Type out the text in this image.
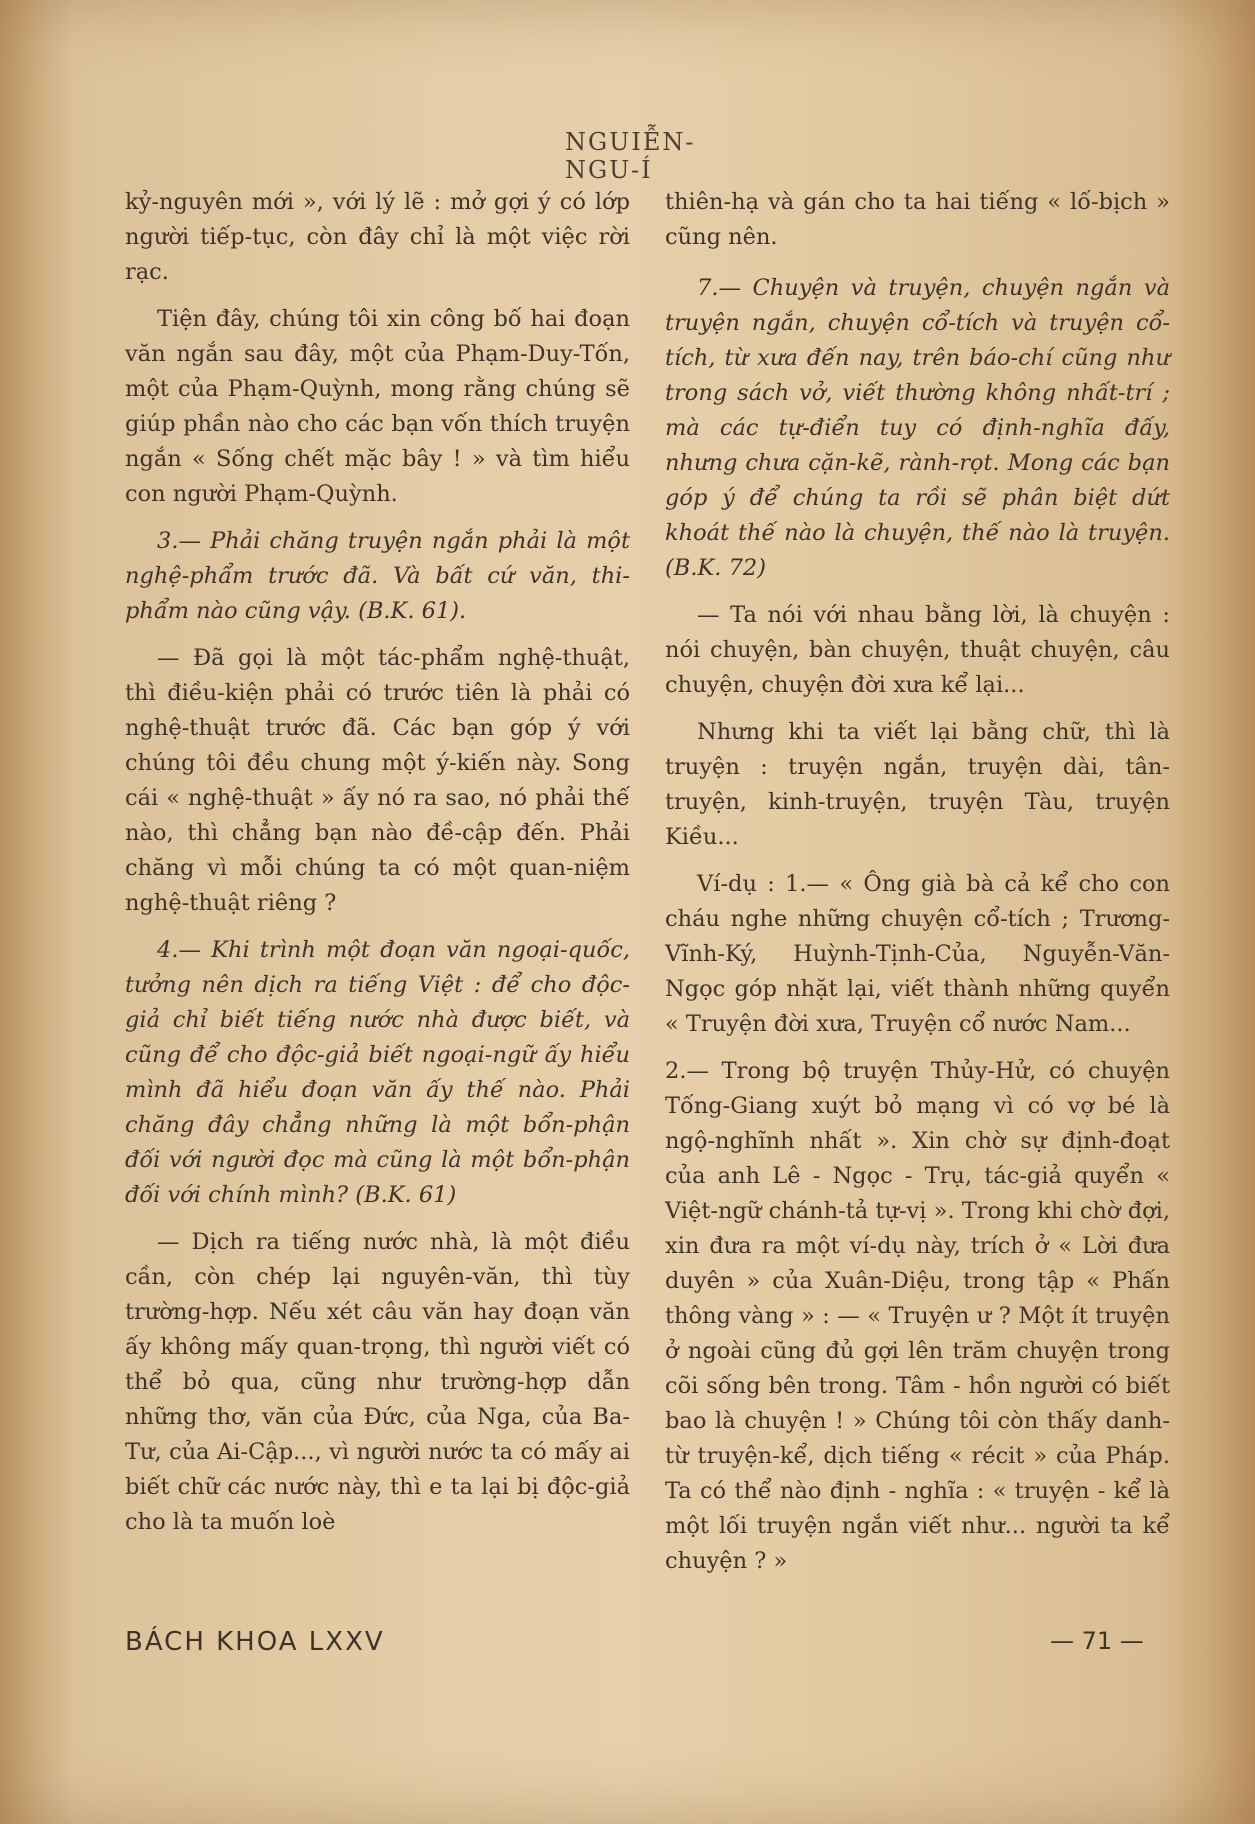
NGUIỄN-NGU-Í

kỷ-nguyên mới », với lý lẽ : mở gợi ý có lớp người tiếp-tục, còn đây chỉ là một việc rời rạc.

Tiện đây, chúng tôi xin công bố hai đoạn văn ngắn sau đây, một của Phạm-Duy-Tốn, một của Phạm-Quỳnh, mong rằng chúng sẽ giúp phần nào cho các bạn vốn thích truyện ngắn « Sống chết mặc bây ! » và tìm hiểu con người Phạm-Quỳnh.

3.— Phải chăng truyện ngắn phải là một nghệ-phẩm trước đã. Và bất cứ văn, thi-phẩm nào cũng vậy. (B.K. 61).

— Đã gọi là một tác-phẩm nghệ-thuật, thì điều-kiện phải có trước tiên là phải có nghệ-thuật trước đã. Các bạn góp ý với chúng tôi đều chung một ý-kiến này. Song cái « nghệ-thuật » ấy nó ra sao, nó phải thế nào, thì chẳng bạn nào đề-cập đến. Phải chăng vì mỗi chúng ta có một quan-niệm nghệ-thuật riêng ?

4.— Khi trình một đoạn văn ngoại-quốc, tưởng nên dịch ra tiếng Việt : để cho độc-giả chỉ biết tiếng nước nhà được biết, và cũng để cho độc-giả biết ngoại-ngữ ấy hiểu mình đã hiểu đoạn văn ấy thế nào. Phải chăng đây chẳng những là một bổn-phận đối với người đọc mà cũng là một bổn-phận đối với chính mình? (B.K. 61)

— Dịch ra tiếng nước nhà, là một điều cần, còn chép lại nguyên-văn, thì tùy trường-hợp. Nếu xét câu văn hay đoạn văn ấy không mấy quan-trọng, thì người viết có thể bỏ qua, cũng như trường-hợp dẫn những thơ, văn của Đức, của Nga, của Ba-Tư, của Ai-Cập..., vì người nước ta có mấy ai biết chữ các nước này, thì e ta lại bị độc-giả cho là ta muốn loè

thiên-hạ và gán cho ta hai tiếng « lố-bịch » cũng nên.

7.— Chuyện và truyện, chuyện ngắn và truyện ngắn, chuyện cổ-tích và truyện cổ-tích, từ xưa đến nay, trên báo-chí cũng như trong sách vở, viết thường không nhất-trí ; mà các tự-điển tuy có định-nghĩa đấy, nhưng chưa cặn-kẽ, rành-rọt. Mong các bạn góp ý để chúng ta rồi sẽ phân biệt dứt khoát thế nào là chuyện, thế nào là truyện. (B.K. 72)

— Ta nói với nhau bằng lời, là chuyện : nói chuyện, bàn chuyện, thuật chuyện, câu chuyện, chuyện đời xưa kể lại...

Nhưng khi ta viết lại bằng chữ, thì là truyện : truyện ngắn, truyện dài, tân-truyện, kinh-truyện, truyện Tàu, truyện Kiều...

Ví-dụ : 1.— « Ông già bà cả kể cho con cháu nghe những chuyện cổ-tích ; Trương-Vĩnh-Ký, Huỳnh-Tịnh-Của, Nguyễn-Văn-Ngọc góp nhặt lại, viết thành những quyển « Truyện đời xưa, Truyện cổ nước Nam...

2.— Trong bộ truyện Thủy-Hử, có chuyện Tống-Giang xuýt bỏ mạng vì có vợ bé là ngộ-nghĩnh nhất ». Xin chờ sự định-đoạt của anh Lê - Ngọc - Trụ, tác-giả quyển « Việt-ngữ chánh-tả tự-vị ». Trong khi chờ đợi, xin đưa ra một ví-dụ này, trích ở « Lời đưa duyên » của Xuân-Diệu, trong tập « Phấn thông vàng » : — « Truyện ư ? Một ít truyện ở ngoài cũng đủ gợi lên trăm chuyện trong cõi sống bên trong. Tâm - hồn người có biết bao là chuyện ! » Chúng tôi còn thấy danh-từ truyện-kể, dịch tiếng « récit » của Pháp. Ta có thể nào định - nghĩa : « truyện - kể là một lối truyện ngắn viết như... người ta kể chuyện ? »

BÁCH KHOA LXXV	— 71 —
